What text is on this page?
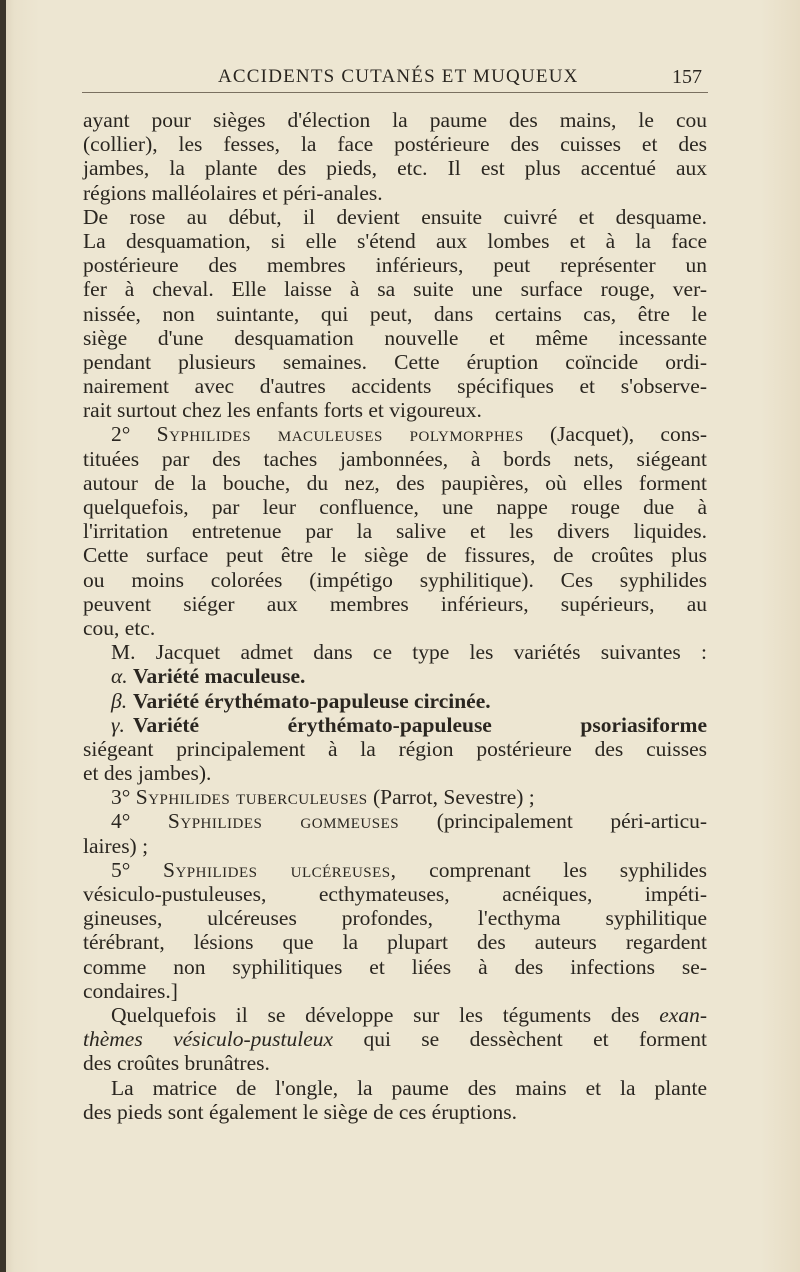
ACCIDENTS CUTANÉS ET MUQUEUX	157
ayant pour sièges d'élection la paume des mains, le cou
(collier), les fesses, la face postérieure des cuisses et des
jambes, la plante des pieds, etc. Il est plus accentué aux
régions malléolaires et péri-anales.
De rose au début, il devient ensuite cuivré et desquame.
La desquamation, si elle s'étend aux lombes et à la face
postérieure des membres inférieurs, peut représenter un
fer à cheval. Elle laisse à sa suite une surface rouge, ver-
nissée, non suintante, qui peut, dans certains cas, être le
siège d'une desquamation nouvelle et même incessante
pendant plusieurs semaines. Cette éruption coïncide ordi-
nairement avec d'autres accidents spécifiques et s'observe-
rait surtout chez les enfants forts et vigoureux.
2° Syphilides maculeuses polymorphes (Jacquet), cons-
tituées par des taches jambonnées, à bords nets, siégeant
autour de la bouche, du nez, des paupières, où elles forment
quelquefois, par leur confluence, une nappe rouge due à
l'irritation entretenue par la salive et les divers liquides.
Cette surface peut être le siège de fissures, de croûtes plus
ou moins colorées (impétigo syphilitique). Ces syphilides
peuvent siéger aux membres inférieurs, supérieurs, au
cou, etc.
M. Jacquet admet dans ce type les variétés suivantes :
α. Variété maculeuse.
β. Variété érythémato-papuleuse circinée.
γ. Variété érythémato-papuleuse psoriasiforme
siégeant principalement à la région postérieure des cuisses
et des jambes).
3° Syphilides tuberculeuses (Parrot, Sevestre) ;
4° Syphilides gommeuses (principalement péri-articu-
laires) ;
5° Syphilides ulcéreuses, comprenant les syphilides
vésiculo-pustuleuses, ecthymateuses, acnéiques, impéti-
gineuses, ulcéreuses profondes, l'ecthyma syphilitique
térébrant, lésions que la plupart des auteurs regardent
comme non syphilitiques et liées à des infections se-
condaires.]
Quelquefois il se développe sur les téguments des exan-
thèmes vésiculo-pustuleux qui se dessèchent et forment
des croûtes brunâtres.
La matrice de l'ongle, la paume des mains et la plante
des pieds sont également le siège de ces éruptions.
